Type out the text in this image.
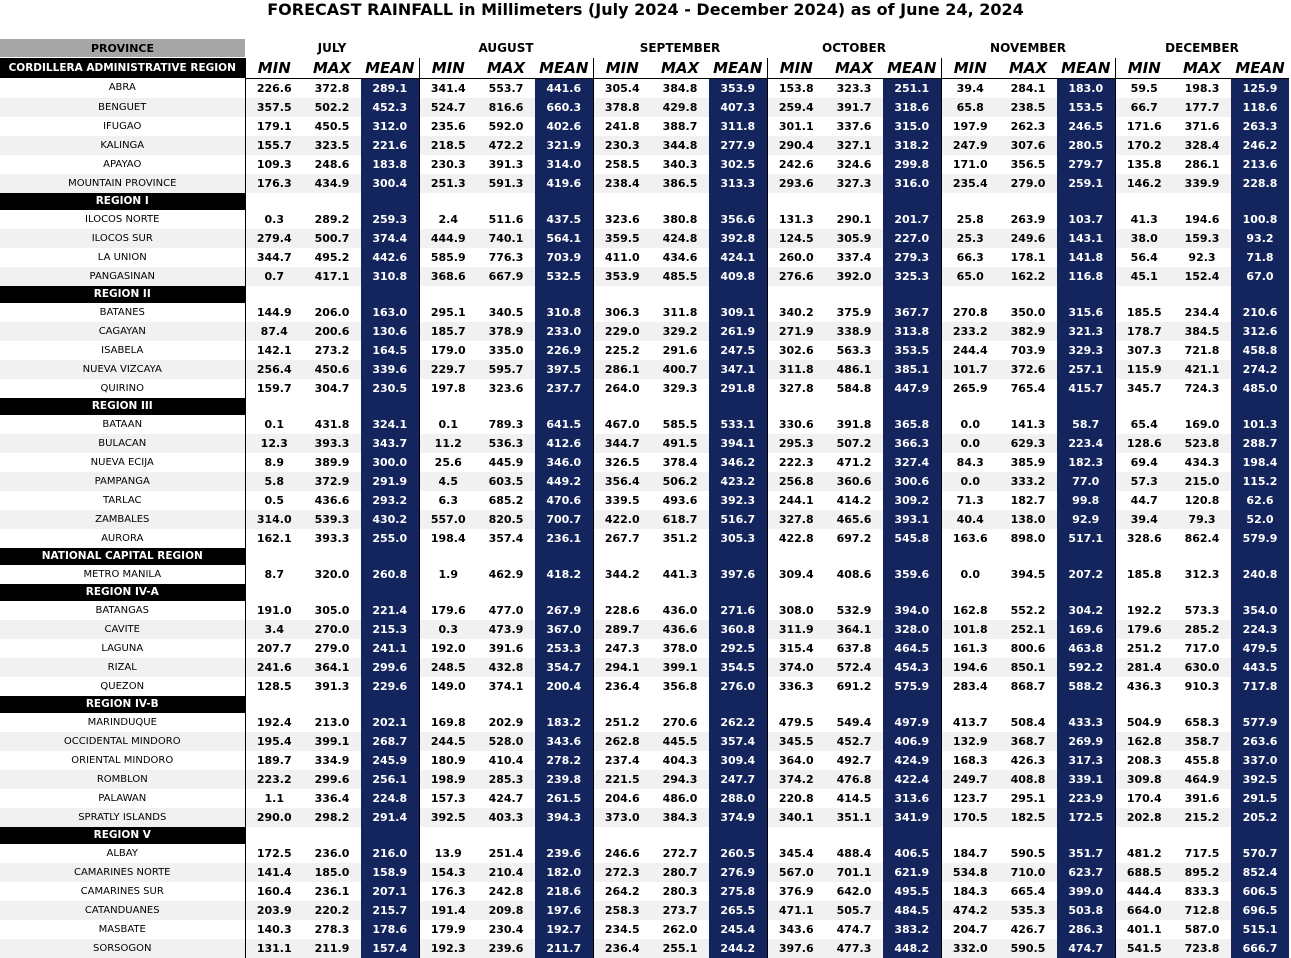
FORECAST RAINFALL in Millimeters (July 2024 - December 2024) as of June 24, 2024
PROVINCE	JULY			AUGUST			SEPTEMBER			OCTOBER			NOVEMBER			DECEMBER		
CORDILLERA ADMINISTRATIVE REGION	MIN	MAX	MEAN	MIN	MAX	MEAN	MIN	MAX	MEAN	MIN	MAX	MEAN	MIN	MAX	MEAN	MIN	MAX	MEAN
ABRA	226.6	372.8	289.1	341.4	553.7	441.6	305.4	384.8	353.9	153.8	323.3	251.1	39.4	284.1	183.0	59.5	198.3	125.9
BENGUET	357.5	502.2	452.3	524.7	816.6	660.3	378.8	429.8	407.3	259.4	391.7	318.6	65.8	238.5	153.5	66.7	177.7	118.6
IFUGAO	179.1	450.5	312.0	235.6	592.0	402.6	241.8	388.7	311.8	301.1	337.6	315.0	197.9	262.3	246.5	171.6	371.6	263.3
KALINGA	155.7	323.5	221.6	218.5	472.2	321.9	230.3	344.8	277.9	290.4	327.1	318.2	247.9	307.6	280.5	170.2	328.4	246.2
APAYAO	109.3	248.6	183.8	230.3	391.3	314.0	258.5	340.3	302.5	242.6	324.6	299.8	171.0	356.5	279.7	135.8	286.1	213.6
MOUNTAIN PROVINCE	176.3	434.9	300.4	251.3	591.3	419.6	238.4	386.5	313.3	293.6	327.3	316.0	235.4	279.0	259.1	146.2	339.9	228.8
REGION I																		
ILOCOS NORTE	0.3	289.2	259.3	2.4	511.6	437.5	323.6	380.8	356.6	131.3	290.1	201.7	25.8	263.9	103.7	41.3	194.6	100.8
ILOCOS SUR	279.4	500.7	374.4	444.9	740.1	564.1	359.5	424.8	392.8	124.5	305.9	227.0	25.3	249.6	143.1	38.0	159.3	93.2
LA UNION	344.7	495.2	442.6	585.9	776.3	703.9	411.0	434.6	424.1	260.0	337.4	279.3	66.3	178.1	141.8	56.4	92.3	71.8
PANGASINAN	0.7	417.1	310.8	368.6	667.9	532.5	353.9	485.5	409.8	276.6	392.0	325.3	65.0	162.2	116.8	45.1	152.4	67.0
REGION II																		
BATANES	144.9	206.0	163.0	295.1	340.5	310.8	306.3	311.8	309.1	340.2	375.9	367.7	270.8	350.0	315.6	185.5	234.4	210.6
CAGAYAN	87.4	200.6	130.6	185.7	378.9	233.0	229.0	329.2	261.9	271.9	338.9	313.8	233.2	382.9	321.3	178.7	384.5	312.6
ISABELA	142.1	273.2	164.5	179.0	335.0	226.9	225.2	291.6	247.5	302.6	563.3	353.5	244.4	703.9	329.3	307.3	721.8	458.8
NUEVA VIZCAYA	256.4	450.6	339.6	229.7	595.7	397.5	286.1	400.7	347.1	311.8	486.1	385.1	101.7	372.6	257.1	115.9	421.1	274.2
QUIRINO	159.7	304.7	230.5	197.8	323.6	237.7	264.0	329.3	291.8	327.8	584.8	447.9	265.9	765.4	415.7	345.7	724.3	485.0
REGION III																		
BATAAN	0.1	431.8	324.1	0.1	789.3	641.5	467.0	585.5	533.1	330.6	391.8	365.8	0.0	141.3	58.7	65.4	169.0	101.3
BULACAN	12.3	393.3	343.7	11.2	536.3	412.6	344.7	491.5	394.1	295.3	507.2	366.3	0.0	629.3	223.4	128.6	523.8	288.7
NUEVA ECIJA	8.9	389.9	300.0	25.6	445.9	346.0	326.5	378.4	346.2	222.3	471.2	327.4	84.3	385.9	182.3	69.4	434.3	198.4
PAMPANGA	5.8	372.9	291.9	4.5	603.5	449.2	356.4	506.2	423.2	256.8	360.6	300.6	0.0	333.2	77.0	57.3	215.0	115.2
TARLAC	0.5	436.6	293.2	6.3	685.2	470.6	339.5	493.6	392.3	244.1	414.2	309.2	71.3	182.7	99.8	44.7	120.8	62.6
ZAMBALES	314.0	539.3	430.2	557.0	820.5	700.7	422.0	618.7	516.7	327.8	465.6	393.1	40.4	138.0	92.9	39.4	79.3	52.0
AURORA	162.1	393.3	255.0	198.4	357.4	236.1	267.7	351.2	305.3	422.8	697.2	545.8	163.6	898.0	517.1	328.6	862.4	579.9
NATIONAL CAPITAL REGION																		
METRO MANILA	8.7	320.0	260.8	1.9	462.9	418.2	344.2	441.3	397.6	309.4	408.6	359.6	0.0	394.5	207.2	185.8	312.3	240.8
REGION IV-A																		
BATANGAS	191.0	305.0	221.4	179.6	477.0	267.9	228.6	436.0	271.6	308.0	532.9	394.0	162.8	552.2	304.2	192.2	573.3	354.0
CAVITE	3.4	270.0	215.3	0.3	473.9	367.0	289.7	436.6	360.8	311.9	364.1	328.0	101.8	252.1	169.6	179.6	285.2	224.3
LAGUNA	207.7	279.0	241.1	192.0	391.6	253.3	247.3	378.0	292.5	315.4	637.8	464.5	161.3	800.6	463.8	251.2	717.0	479.5
RIZAL	241.6	364.1	299.6	248.5	432.8	354.7	294.1	399.1	354.5	374.0	572.4	454.3	194.6	850.1	592.2	281.4	630.0	443.5
QUEZON	128.5	391.3	229.6	149.0	374.1	200.4	236.4	356.8	276.0	336.3	691.2	575.9	283.4	868.7	588.2	436.3	910.3	717.8
REGION IV-B																		
MARINDUQUE	192.4	213.0	202.1	169.8	202.9	183.2	251.2	270.6	262.2	479.5	549.4	497.9	413.7	508.4	433.3	504.9	658.3	577.9
OCCIDENTAL MINDORO	195.4	399.1	268.7	244.5	528.0	343.6	262.8	445.5	357.4	345.5	452.7	406.9	132.9	368.7	269.9	162.8	358.7	263.6
ORIENTAL MINDORO	189.7	334.9	245.9	180.9	410.4	278.2	237.4	404.3	309.4	364.0	492.7	424.9	168.3	426.3	317.3	208.3	455.8	337.0
ROMBLON	223.2	299.6	256.1	198.9	285.3	239.8	221.5	294.3	247.7	374.2	476.8	422.4	249.7	408.8	339.1	309.8	464.9	392.5
PALAWAN	1.1	336.4	224.8	157.3	424.7	261.5	204.6	486.0	288.0	220.8	414.5	313.6	123.7	295.1	223.9	170.4	391.6	291.5
SPRATLY ISLANDS	290.0	298.2	291.4	392.5	403.3	394.3	373.0	384.3	374.9	340.1	351.1	341.9	170.5	182.5	172.5	202.8	215.2	205.2
REGION V																		
ALBAY	172.5	236.0	216.0	13.9	251.4	239.6	246.6	272.7	260.5	345.4	488.4	406.5	184.7	590.5	351.7	481.2	717.5	570.7
CAMARINES NORTE	141.4	185.0	158.9	154.3	210.4	182.0	272.3	280.7	276.9	567.0	701.1	621.9	534.8	710.0	623.7	688.5	895.2	852.4
CAMARINES SUR	160.4	236.1	207.1	176.3	242.8	218.6	264.2	280.3	275.8	376.9	642.0	495.5	184.3	665.4	399.0	444.4	833.3	606.5
CATANDUANES	203.9	220.2	215.7	191.4	209.8	197.6	258.3	273.7	265.5	471.1	505.7	484.5	474.2	535.3	503.8	664.0	712.8	696.5
MASBATE	140.3	278.3	178.6	179.9	230.4	192.7	234.5	262.0	245.4	343.6	474.7	383.2	204.7	426.7	286.3	401.1	587.0	515.1
SORSOGON	131.1	211.9	157.4	192.3	239.6	211.7	236.4	255.1	244.2	397.6	477.3	448.2	332.0	590.5	474.7	541.5	723.8	666.7
